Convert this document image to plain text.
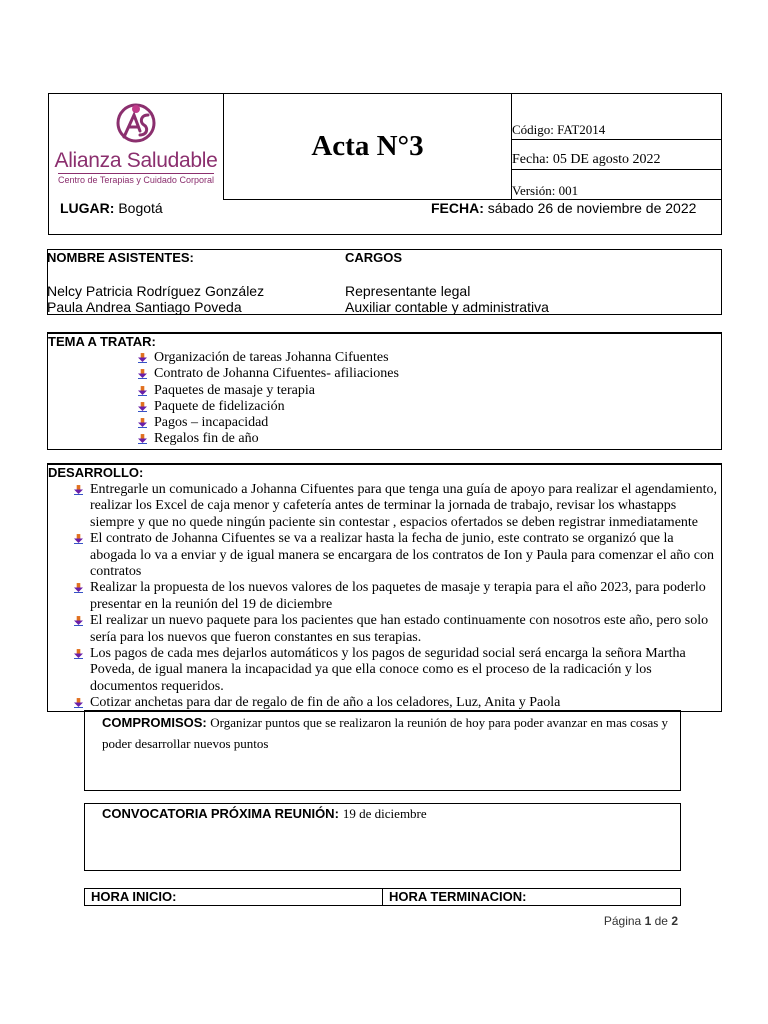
Alianza Saludable
Centro de Terapias y Cuidado Corporal
Acta N°3
Código: FAT2014
Fecha: 05 DE agosto 2022
Versión: 001
LUGAR: Bogotá	FECHA: sábado 26 de noviembre de 2022
NOMBRE ASISTENTES:	CARGOS
Nelcy Patricia Rodríguez González	Representante legal
Paula Andrea Santiago Poveda	Auxiliar contable y administrativa
TEMA A TRATAR:
Organización de tareas Johanna Cifuentes
Contrato de Johanna Cifuentes- afiliaciones
Paquetes de masaje y terapia
Paquete de fidelización
Pagos – incapacidad
Regalos fin de año
DESARROLLO:
Entregarle un comunicado a Johanna Cifuentes para que tenga una guía de apoyo para realizar el agendamiento, realizar los Excel de caja menor y cafetería antes de terminar la jornada de trabajo, revisar los whastapps siempre y que no quede ningún paciente sin contestar , espacios ofertados se deben registrar inmediatamente
El contrato de Johanna Cifuentes se va a realizar hasta la fecha de junio, este contrato se organizó que la abogada lo va a enviar y de igual manera se encargara de los contratos de Ion y Paula para comenzar el año con contratos
Realizar la propuesta de los nuevos valores de los paquetes de masaje y terapia para el año 2023, para poderlo presentar en la reunión del 19 de diciembre
El realizar un nuevo paquete para los pacientes que han estado continuamente con nosotros este año, pero solo sería para los nuevos que fueron constantes en sus terapias.
Los pagos de cada mes dejarlos automáticos y los pagos de seguridad social será encarga la señora Martha Poveda, de igual manera la incapacidad ya que ella conoce como es el proceso de la radicación y los documentos requeridos.
Cotizar anchetas para dar de regalo de fin de año a los celadores, Luz, Anita y Paola
COMPROMISOS: Organizar puntos que se realizaron la reunión de hoy para poder avanzar en mas cosas y poder desarrollar nuevos puntos
CONVOCATORIA PRÓXIMA REUNIÓN: 19 de diciembre
HORA INICIO:	HORA TERMINACION:
Página 1 de 2
